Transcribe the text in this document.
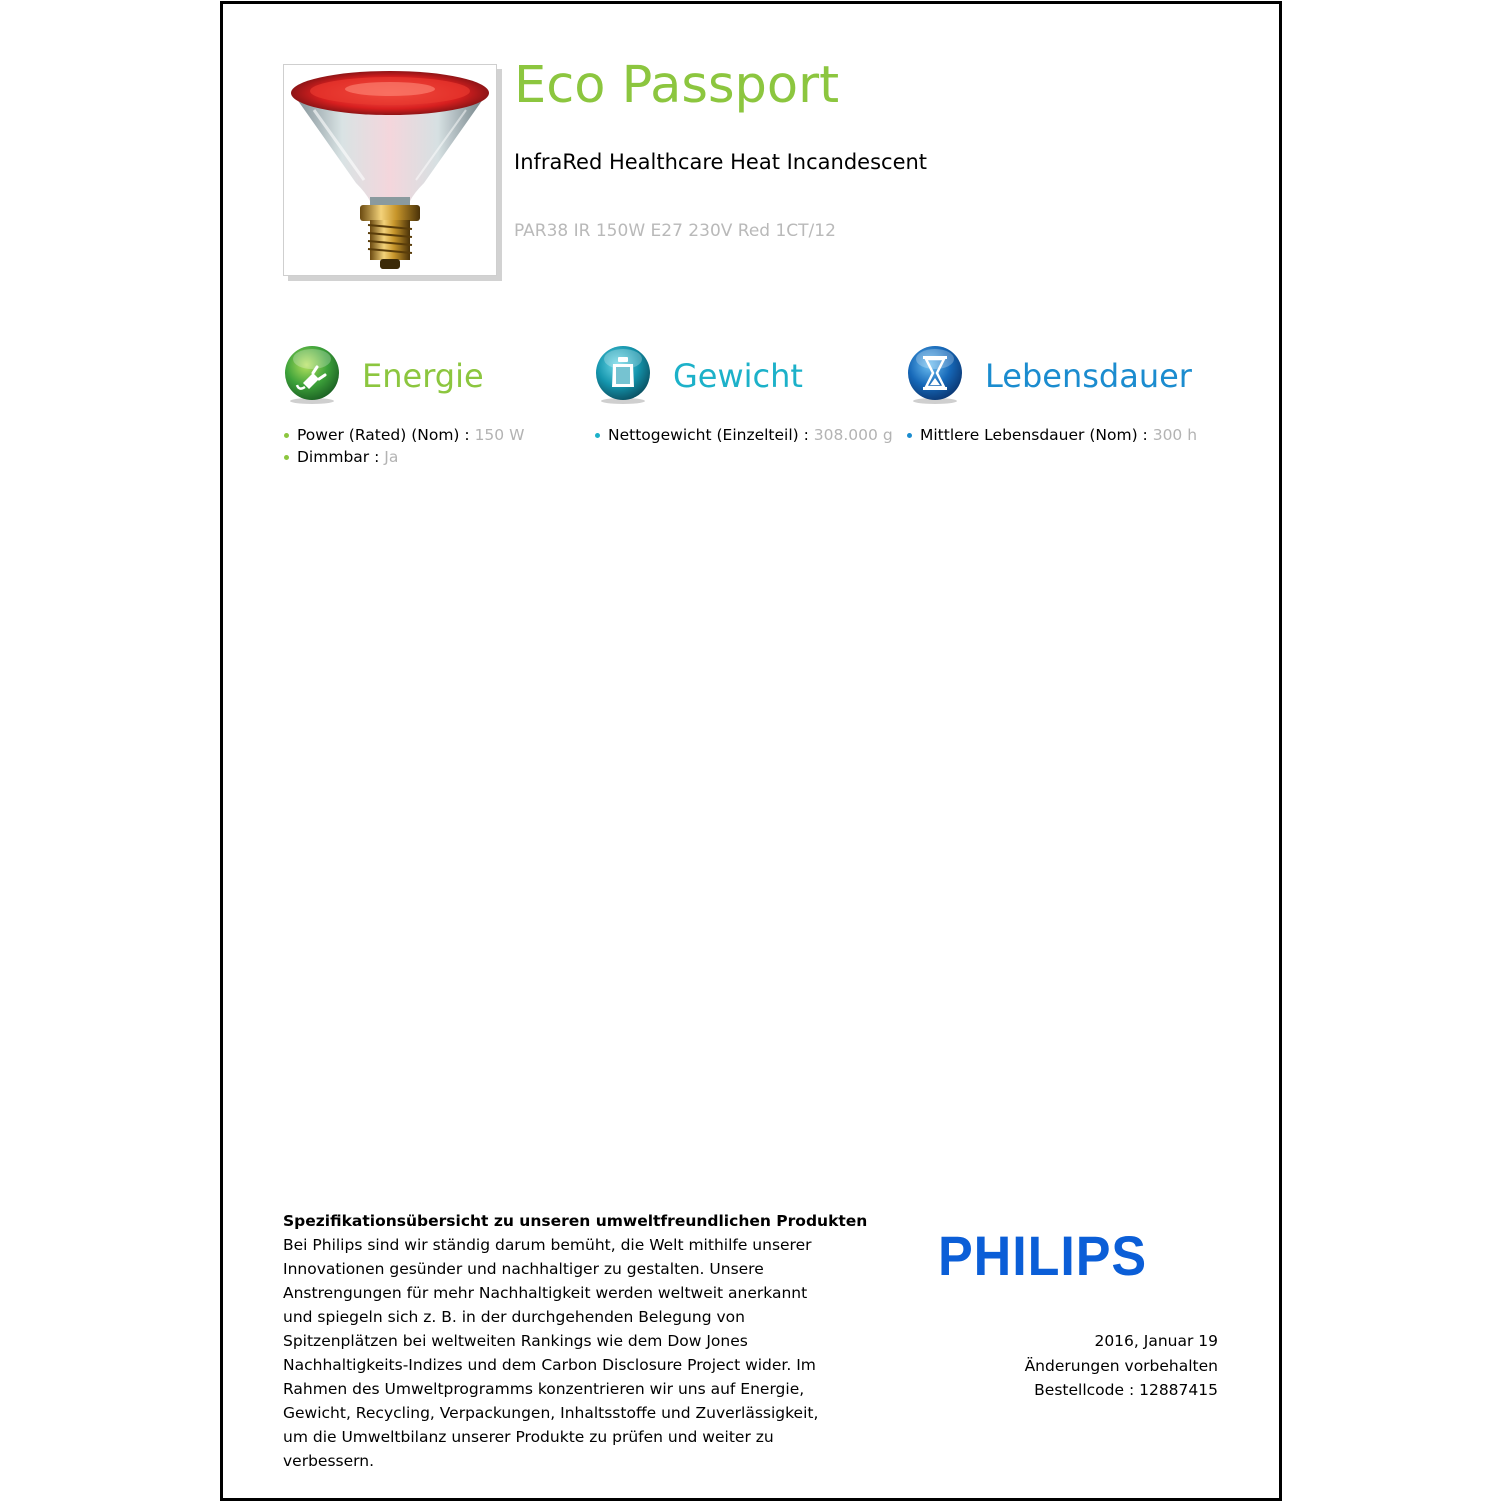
Eco Passport
InfraRed Healthcare Heat Incandescent
PAR38 IR 150W E27 230V Red 1CT/12
Energie
Power (Rated) (Nom) : 150 W
Dimmbar : Ja
Gewicht
Nettogewicht (Einzelteil) : 308.000 g
Lebensdauer
Mittlere Lebensdauer (Nom) : 300 h
Spezifikationsübersicht zu unseren umweltfreundlichen Produkten
Bei Philips sind wir ständig darum bemüht, die Welt mithilfe unserer Innovationen gesünder und nachhaltiger zu gestalten. Unsere Anstrengungen für mehr Nachhaltigkeit werden weltweit anerkannt und spiegeln sich z. B. in der durchgehenden Belegung von Spitzenplätzen bei weltweiten Rankings wie dem Dow Jones Nachhaltigkeits-Indizes und dem Carbon Disclosure Project wider. Im Rahmen des Umweltprogramms konzentrieren wir uns auf Energie, Gewicht, Recycling, Verpackungen, Inhaltsstoffe und Zuverlässigkeit, um die Umweltbilanz unserer Produkte zu prüfen und weiter zu verbessern.
PHILIPS
2016, Januar 19
Änderungen vorbehalten
Bestellcode : 12887415
